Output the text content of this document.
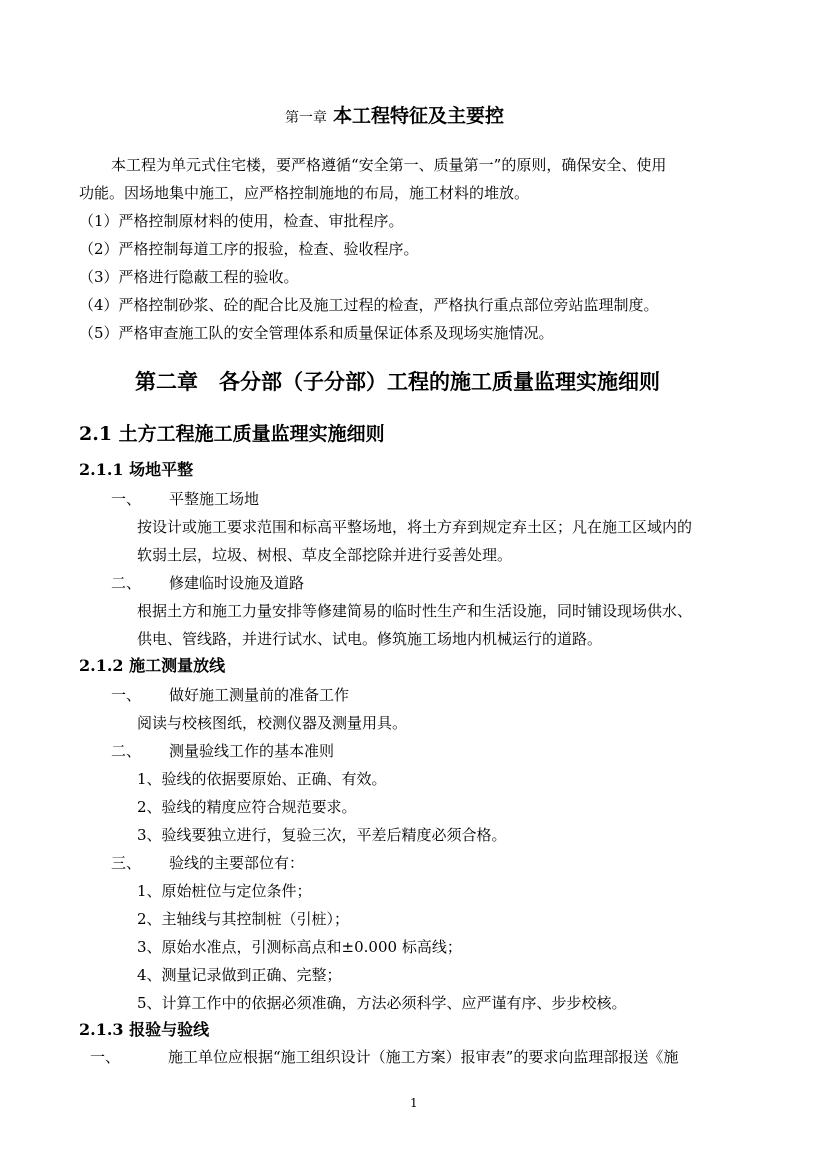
第一章 本工程特征及主要控
本工程为单元式住宅楼，要严格遵循“安全第一、质量第一”的原则，确保安全、使用
功能。因场地集中施工，应严格控制施地的布局，施工材料的堆放。
（1）严格控制原材料的使用，检查、审批程序。
（2）严格控制每道工序的报验，检查、验收程序。
（3）严格进行隐蔽工程的验收。
（4）严格控制砂浆、砼的配合比及施工过程的检查，严格执行重点部位旁站监理制度。
（5）严格审查施工队的安全管理体系和质量保证体系及现场实施情况。
第二章　各分部（子分部）工程的施工质量监理实施细则
2.1 土方工程施工质量监理实施细则
2.1.1 场地平整
一、 平整施工场地
按设计或施工要求范围和标高平整场地，将土方弃到规定弃土区；凡在施工区域内的
软弱土层，垃圾、树根、草皮全部挖除并进行妥善处理。
二、 修建临时设施及道路
根据土方和施工力量安排等修建简易的临时性生产和生活设施，同时铺设现场供水、
供电、管线路，并进行试水、试电。修筑施工场地内机械运行的道路。
2.1.2 施工测量放线
一、 做好施工测量前的准备工作
阅读与校核图纸，校测仪器及测量用具。
二、 测量验线工作的基本准则
1、验线的依据要原始、正确、有效。
2、验线的精度应符合规范要求。
3、验线要独立进行，复验三次，平差后精度必须合格。
三、 验线的主要部位有：
1、原始桩位与定位条件；
2、主轴线与其控制桩（引桩）；
3、原始水准点，引测标高点和±0.000 标高线；
4、测量记录做到正确、完整；
5、计算工作中的依据必须准确，方法必须科学、应严谨有序、步步校核。
2.1.3 报验与验线
一、	施工单位应根据“施工组织设计（施工方案）报审表”的要求向监理部报送《施
1
